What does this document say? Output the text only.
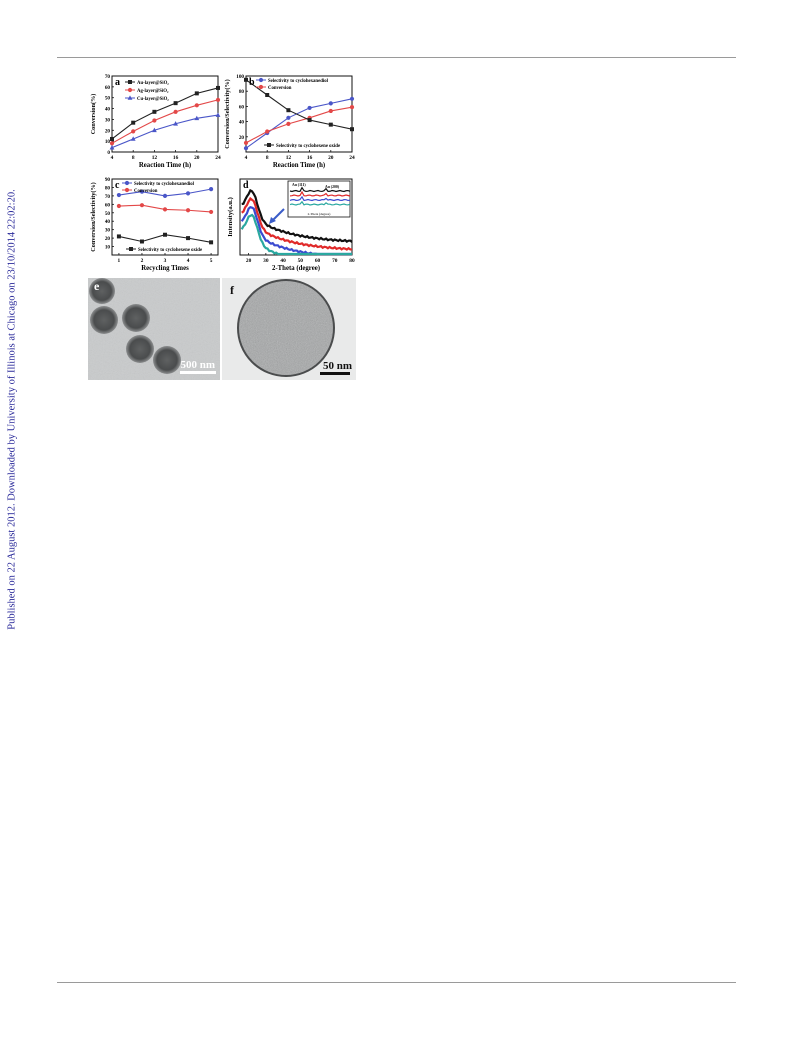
Published on 22 August 2012. Downloaded by University of Illinois at Chicago on 23/10/2014 22:02:20.
0
10
20
30
40
50
60
70
4	8	12	16	20	24
Reaction Time (h)
Conversion(%)
a	Au-layer@SiO₂
Ag-layer@SiO₂
Cu-layer@SiO₂
20
40
60
80
100
4	8	12	16	20	24
Reaction Time (h)
Conversion/Selectivity(%) b	Selectivity to cyclohexanediol
Conversion
Selectivity to cyclohexene oxide
10
20
30
40
50
60
70
80
90
1	2	3	4	5
Recycling Times
Conversion/Selectivity(%) c	Selectivity to cyclohexanediol
Conversion
Selectivity to cyclohexene oxide
20 30 40 50 60 70 80
2-Theta (degree)
Intensity(a.u.)
d	Au (111)	Au (200)
2-Theta (degree)
e
500 nm
f
50 nm
